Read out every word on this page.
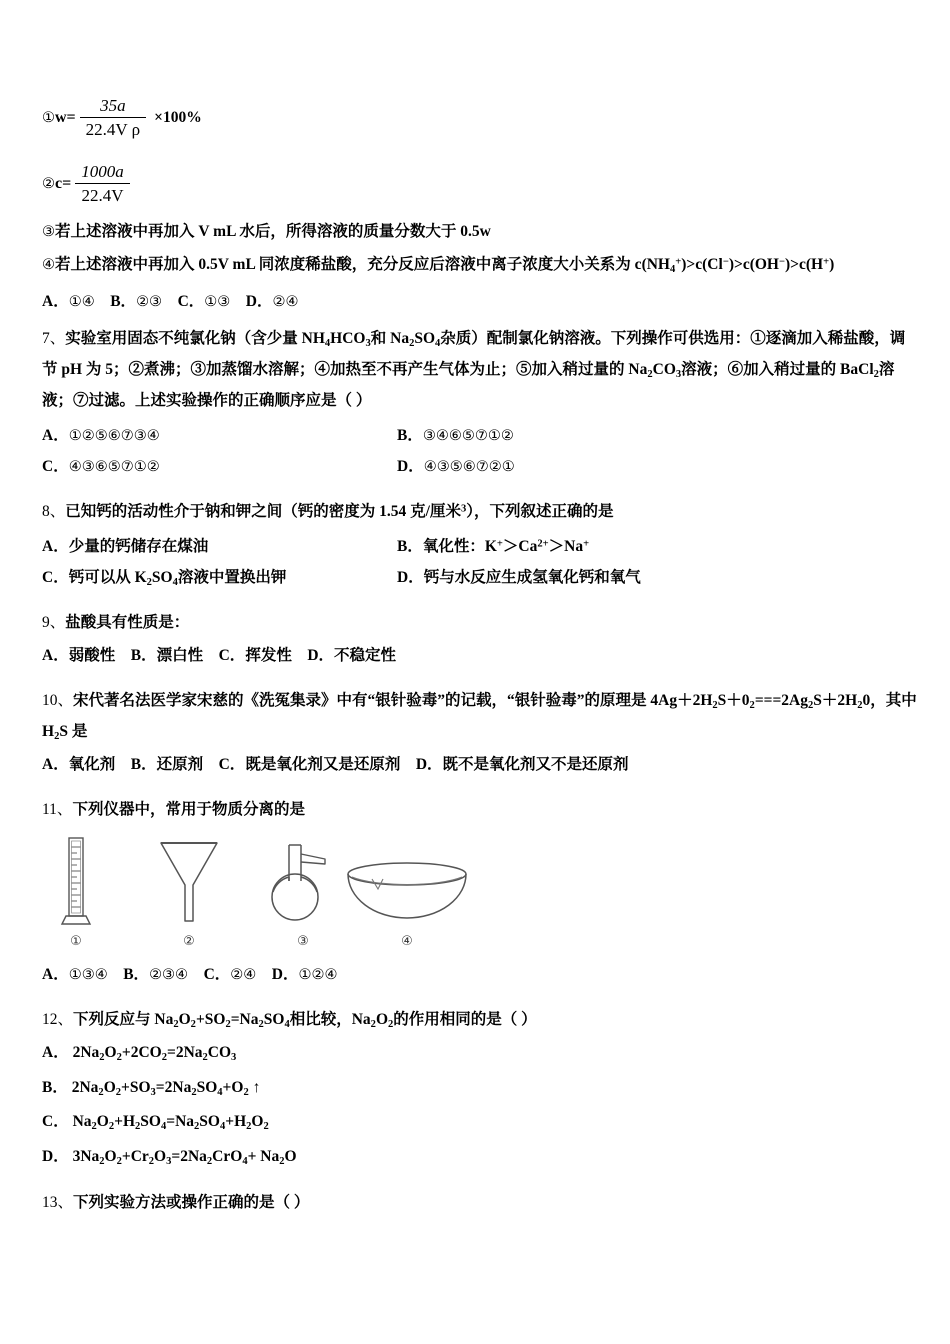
① $w= \frac{35a}{\text{22.4V ρ}} \times 100\%$
② $c= \frac{1000a}{22.4V}$

③若上述溶液中再加入 V mL 水后，所得溶液的质量分数大于 0.5w

④若上述溶液中再加入 0.5V mL 同浓度稀盐酸，充分反应后溶液中离子浓度大小关系为 $c(NH_4^+)>c(Cl^-)>c(OH^-)>c(H^+)$

A．①④　 B．②③　 C．①③　 D．②④

7、实验室用固态不纯氯化钠（含少量 $NH_4HCO_3$和 $Na_2SO_4$杂质）配制氯化钠溶液。下列操作可供选用：①逐滴加入稀盐酸，调节 pH 为 5；②煮沸；③加蒸馏水溶解；④加热至不再产生气体为止；⑤加入稍过量的 $Na_2CO_3$溶液；⑥加入稍过量的 BaCl$_2$溶液；⑦过滤。上述实验操作的正确顺序应是（ ）

A．①②⑤⑥⑦③④	B．③④⑥⑤⑦①②
C．④③⑥⑤⑦①②	D．④③⑤⑥⑦②①

8、已知钙的活动性介于钠和钾之间（钙的密度为 1.54 克/厘米$^3$），下列叙述正确的是

A．少量的钙储存在煤油	B．氧化性：$K^+>Ca^{2+}>Na^+$
C．钙可以从 $K_2SO_4$溶液中置换出钾	D．钙与水反应生成氢氧化钙和氧气

9、盐酸具有性质是：

A．弱酸性　 B．漂白性　 C．挥发性　 D．不稳定性

10、宋代著名法医学家宋慈的《洗冤集录》中有“银针验毒”的记载，“银针验毒”的原理是 $4Ag+2H_2S+0_2===2Ag_2S+2H_20$，其中 $H_2S$ 是

A．氧化剂　 B．还原剂　 C．既是氧化剂又是还原剂　 D．既不是氧化剂又不是还原剂

11、下列仪器中，常用于物质分离的是

①	②	③	④

A．①③④　 B．②③④　 C．②④　 D．①②④

12、下列反应与 $Na_2O_2+SO_2=Na_2SO_4$相比较，$Na_2O_2$的作用相同的是（ ）

A． $2Na_2O_2+2CO_2=2Na_2CO_3$

B． $2Na_2O_2+SO_3=2Na_2SO_4+O_2$ ↑

C． $Na_2O_2+H_2SO_4=Na_2SO_4+H_2O_2$

D． $3Na_2O_2+Cr_2O_3=2Na_2CrO_4+ Na_2O$

13、下列实验方法或操作正确的是（ ）
